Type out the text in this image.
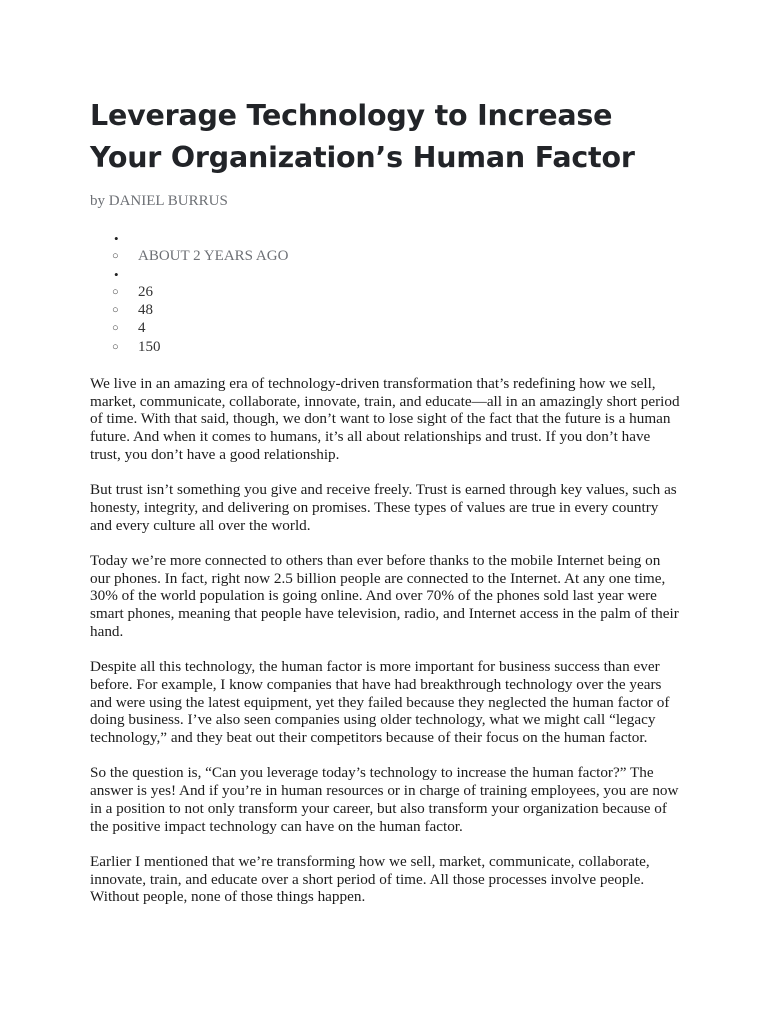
Leverage Technology to Increase Your Organization’s Human Factor

by DANIEL BURRUS

•
○ ABOUT 2 YEARS AGO
•
○ 26
○ 48
○ 4
○ 150

We live in an amazing era of technology-driven transformation that’s redefining how we sell, market, communicate, collaborate, innovate, train, and educate—all in an amazingly short period of time. With that said, though, we don’t want to lose sight of the fact that the future is a human future. And when it comes to humans, it’s all about relationships and trust. If you don’t have trust, you don’t have a good relationship.

But trust isn’t something you give and receive freely. Trust is earned through key values, such as honesty, integrity, and delivering on promises. These types of values are true in every country and every culture all over the world.

Today we’re more connected to others than ever before thanks to the mobile Internet being on our phones. In fact, right now 2.5 billion people are connected to the Internet. At any one time, 30% of the world population is going online. And over 70% of the phones sold last year were smart phones, meaning that people have television, radio, and Internet access in the palm of their hand.

Despite all this technology, the human factor is more important for business success than ever before. For example, I know companies that have had breakthrough technology over the years and were using the latest equipment, yet they failed because they neglected the human factor of doing business. I’ve also seen companies using older technology, what we might call “legacy technology,” and they beat out their competitors because of their focus on the human factor.

So the question is, “Can you leverage today’s technology to increase the human factor?” The answer is yes! And if you’re in human resources or in charge of training employees, you are now in a position to not only transform your career, but also transform your organization because of the positive impact technology can have on the human factor.

Earlier I mentioned that we’re transforming how we sell, market, communicate, collaborate, innovate, train, and educate over a short period of time. All those processes involve people. Without people, none of those things happen.
